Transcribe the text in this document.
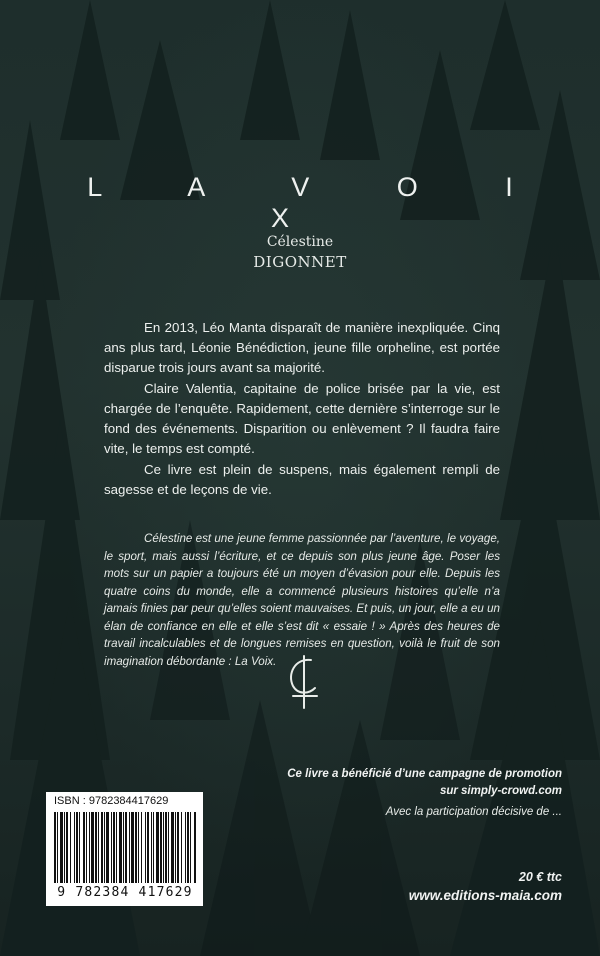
L A V O I X
Célestine
DIGONNET

En 2013, Léo Manta disparaît de manière inexpliquée. Cinq ans plus tard, Léonie Bénédiction, jeune fille orpheline, est portée disparue trois jours avant sa majorité.

Claire Valentia, capitaine de police brisée par la vie, est chargée de l’enquête. Rapidement, cette dernière s’interroge sur le fond des événements. Disparition ou enlèvement ? Il faudra faire vite, le temps est compté.

Ce livre est plein de suspens, mais également rempli de sagesse et de leçons de vie.

Célestine est une jeune femme passionnée par l’aventure, le voyage, le sport, mais aussi l’écriture, et ce depuis son plus jeune âge. Poser les mots sur un papier a toujours été un moyen d’évasion pour elle. Depuis les quatre coins du monde, elle a commencé plusieurs histoires qu’elle n’a jamais finies par peur qu’elles soient mauvaises. Et puis, un jour, elle a eu un élan de confiance en elle et elle s’est dit « essaie ! » Après des heures de travail incalculables et de longues remises en question, voilà le fruit de son imagination débordante : La Voix.

Ce livre a bénéficié d’une campagne de promotion
sur simply-crowd.com
Avec la participation décisive de ...
20 € ttc
www.editions-maia.com
ISBN : 9782384417629
9 782384 417629
